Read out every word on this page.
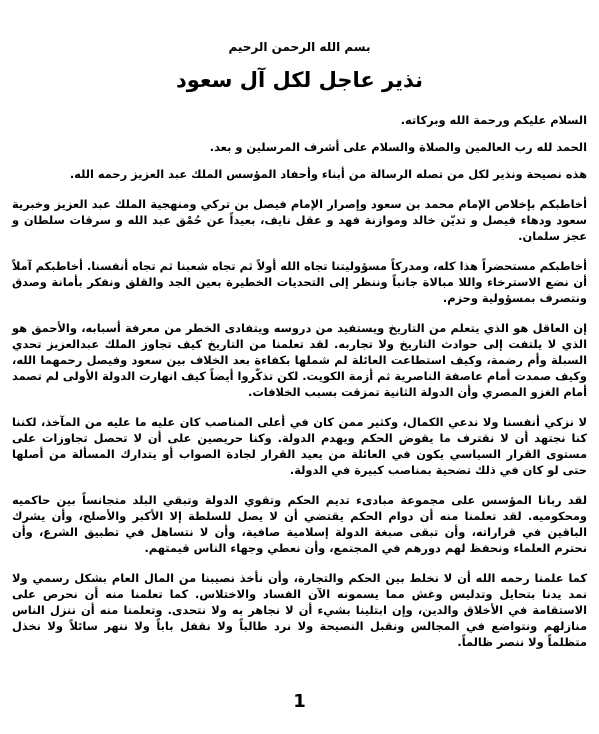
بسم الله الرحمن الرحيم
نذير عاجل لكل آل سعود

السلام عليكم ورحمة الله وبركاته.

الحمد لله رب العالمين والصلاة والسلام على أشرف المرسلين و بعد.

هذه نصيحة ونذير لكل من تصله الرسالة من أبناء وأحفاد المؤسس الملك عبد العزيز رحمه الله.

أخاطبكم بإخلاص الإمام محمد بن سعود وإصرار الإمام فيصل بن تركي ومنهجية الملك عبد العزيز وخبرية سعود ودهاء فيصل و تديّن خالد وموازنة فهد و عقل نايف، بعيداً عن حُمْق عبد الله و سرقات سلطان و عجز سلمان.

أخاطبكم مستحضراً هذا كله، ومدركاً مسؤوليتنا تجاه الله أولاً ثم تجاه شعبنا ثم تجاه أنفسنا. أخاطبكم آملاً أن نضع الاسترخاء واللا مبالاة جانباً وننظر إلى التحديات الخطيرة بعين الجد والقلق ونفكر بأمانة وصدق ونتصرف بمسؤولية وحزم.

إن العاقل هو الذي يتعلم من التاريخ ويستفيد من دروسه ويتفادى الخطر من معرفة أسبابه، والأحمق هو الذي لا يلتفت إلى حوادث التاريخ ولا تجاربه. لقد تعلمنا من التاريخ كيف تجاوز الملك عبدالعزيز تحدي السبلة وأم رضمة، وكيف استطاعت العائلة لم شملها بكفاءة بعد الخلاف بين سعود وفيصل رحمهما الله، وكيف صمدت أمام عاصفة الناصرية ثم أزمة الكويت. لكن تذكّروا أيضاً كيف انهارت الدولة الأولى لم تصمد أمام الغزو المصري وأن الدولة الثانية تمزقت بسبب الخلافات.

لا نزكي أنفسنا ولا ندعي الكمال، وكثير ممن كان في أعلى المناصب كان عليه ما عليه من المآخذ، لكننا كنا نجتهد أن لا نقترف ما يقوض الحكم ويهدم الدولة. وكنا حريصين على أن لا تحصل تجاوزات على مستوى القرار السياسي يكون في العائلة من يعيد القرار لجادة الصواب أو يتدارك المسألة من أصلها حتى لو كان في ذلك تضحية بمناصب كبيرة في الدولة.

لقد ربانا المؤسس على مجموعة مبادىء تديم الحكم وتقوي الدولة وتبقي البلد متجانساً بين حاكميه ومحكوميه. لقد تعلمنا منه أن دوام الحكم يقتضي أن لا يصل للسلطة إلا الأكبر والأصلح، وأن يشرك الباقين في قراراته، وأن تبقى صبغة الدولة إسلامية صافية، وأن لا نتساهل في تطبيق الشرع، وأن نحترم العلماء ونحفظ لهم دورهم في المجتمع، وأن نعطي وجهاء الناس قيمتهم.

كما علمنا رحمه الله أن لا نخلط بين الحكم والتجارة، وأن نأخذ نصيبنا من المال العام بشكل رسمي ولا نمد يدنا بتحايل وتدليس وغش مما يسمونه الآن الفساد والاختلاس. كما تعلمنا منه أن نحرص على الاستقامة في الأخلاق والدين، وإن ابتلينا بشيء أن لا نجاهر به ولا نتحدى. وتعلمنا منه أن ننزل الناس منازلهم ونتواضع في المجالس ونقبل النصيحة ولا نرد طالباً ولا نقفل باباً ولا ننهر سائلاً ولا نخذل متظلماً ولا ننصر ظالماً.

1
